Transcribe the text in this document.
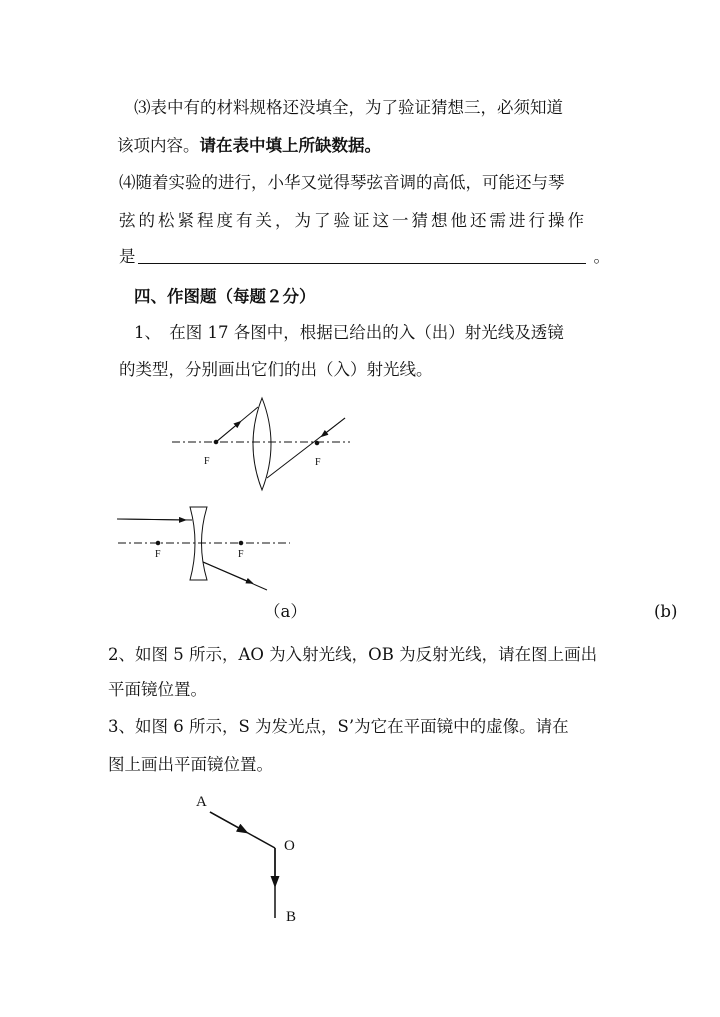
⑶表中有的材料规格还没填全，为了验证猜想三，必须知道
该项内容。请在表中填上所缺数据。
⑷随着实验的进行，小华又觉得琴弦音调的高低，可能还与琴
弦的松紧程度有关，为了验证这一猜想他还需进行操作
是	。
四、作图题（每题２分）
1、　在图 17 各图中，根据已给出的入（出）射光线及透镜
的类型，分别画出它们的出（入）射光线。
F	F
F	F
（a）	(b)
2、如图 5 所示，AO 为入射光线，OB 为反射光线，请在图上画出
平面镜位置。
3、如图 6 所示，S 为发光点，S’为它在平面镜中的虚像。请在
图上画出平面镜位置。
A
O
B
